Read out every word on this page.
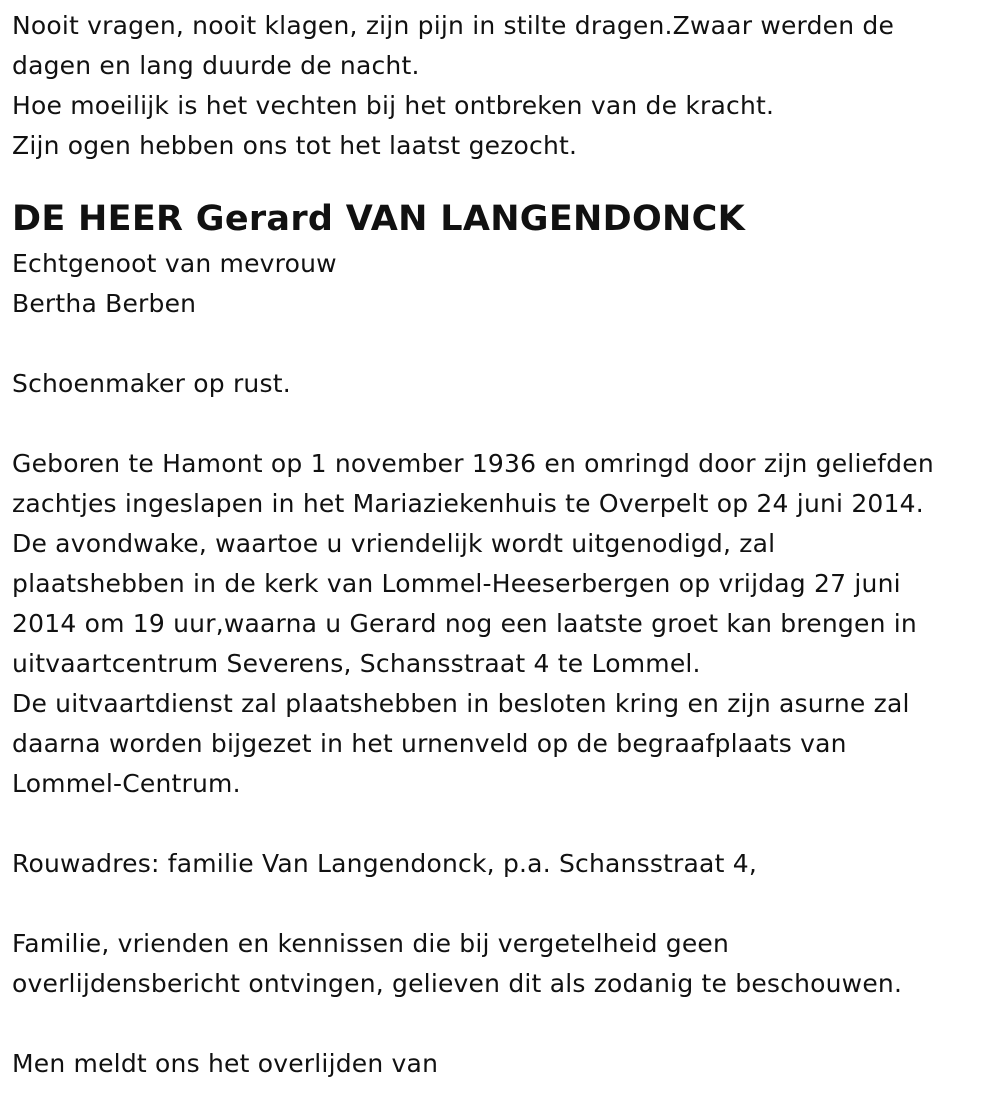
Nooit vragen, nooit klagen, zijn pijn in stilte dragen.Zwaar werden de
dagen en lang duurde de nacht.
Hoe moeilijk is het vechten bij het ontbreken van de kracht.
Zijn ogen hebben ons tot het laatst gezocht.
DE HEER Gerard VAN LANGENDONCK
Echtgenoot van mevrouw
Bertha Berben
Schoenmaker op rust.
Geboren te Hamont op 1 november 1936 en omringd door zijn geliefden
zachtjes ingeslapen in het Mariaziekenhuis te Overpelt op 24 juni 2014.
De avondwake, waartoe u vriendelijk wordt uitgenodigd, zal
plaatshebben in de kerk van Lommel-Heeserbergen op vrijdag 27 juni
2014 om 19 uur,waarna u Gerard nog een laatste groet kan brengen in
uitvaartcentrum Severens, Schansstraat 4 te Lommel.
De uitvaartdienst zal plaatshebben in besloten kring en zijn asurne zal
daarna worden bijgezet in het urnenveld op de begraafplaats van
Lommel-Centrum.
Rouwadres: familie Van Langendonck, p.a. Schansstraat 4,
Familie, vrienden en kennissen die bij vergetelheid geen
overlijdensbericht ontvingen, gelieven dit als zodanig te beschouwen.
Men meldt ons het overlijden van
